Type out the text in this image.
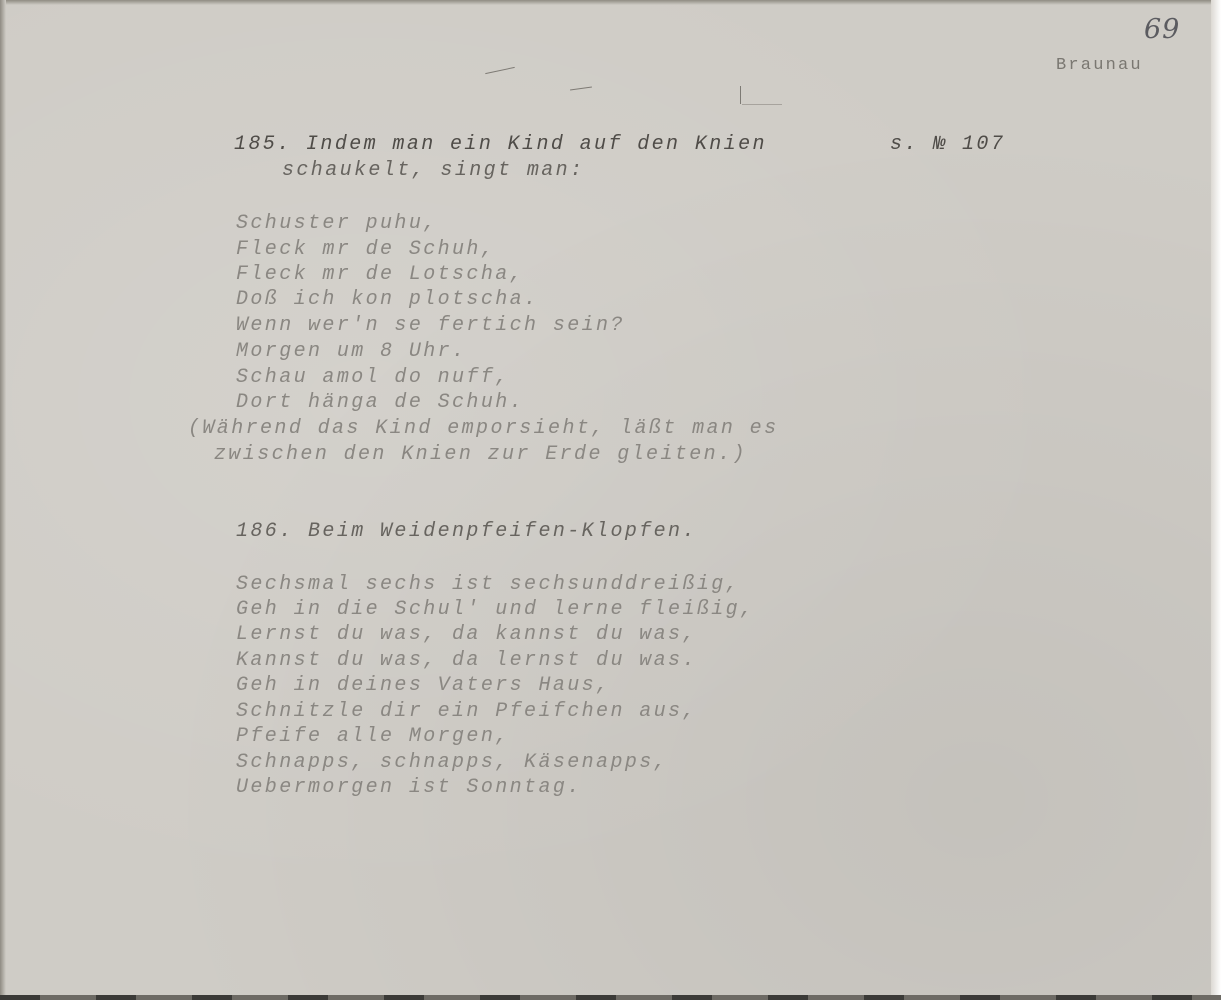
69
Braunau
185. Indem man ein Kind auf den Knien	s. № 107
schaukelt, singt man:
Schuster puhu,
Fleck mr de Schuh,
Fleck mr de Lotscha,
Doß ich kon plotscha.
Wenn wer'n se fertich sein?
Morgen um 8 Uhr.
Schau amol do nuff,
Dort hänga de Schuh.
(Während das Kind emporsieht, läßt man es
zwischen den Knien zur Erde gleiten.)
186. Beim Weidenpfeifen-Klopfen.
Sechsmal sechs ist sechsunddreißig,
Geh in die Schul' und lerne fleißig,
Lernst du was, da kannst du was,
Kannst du was, da lernst du was.
Geh in deines Vaters Haus,
Schnitzle dir ein Pfeifchen aus,
Pfeife alle Morgen,
Schnapps, schnapps, Käsenapps,
Uebermorgen ist Sonntag.
